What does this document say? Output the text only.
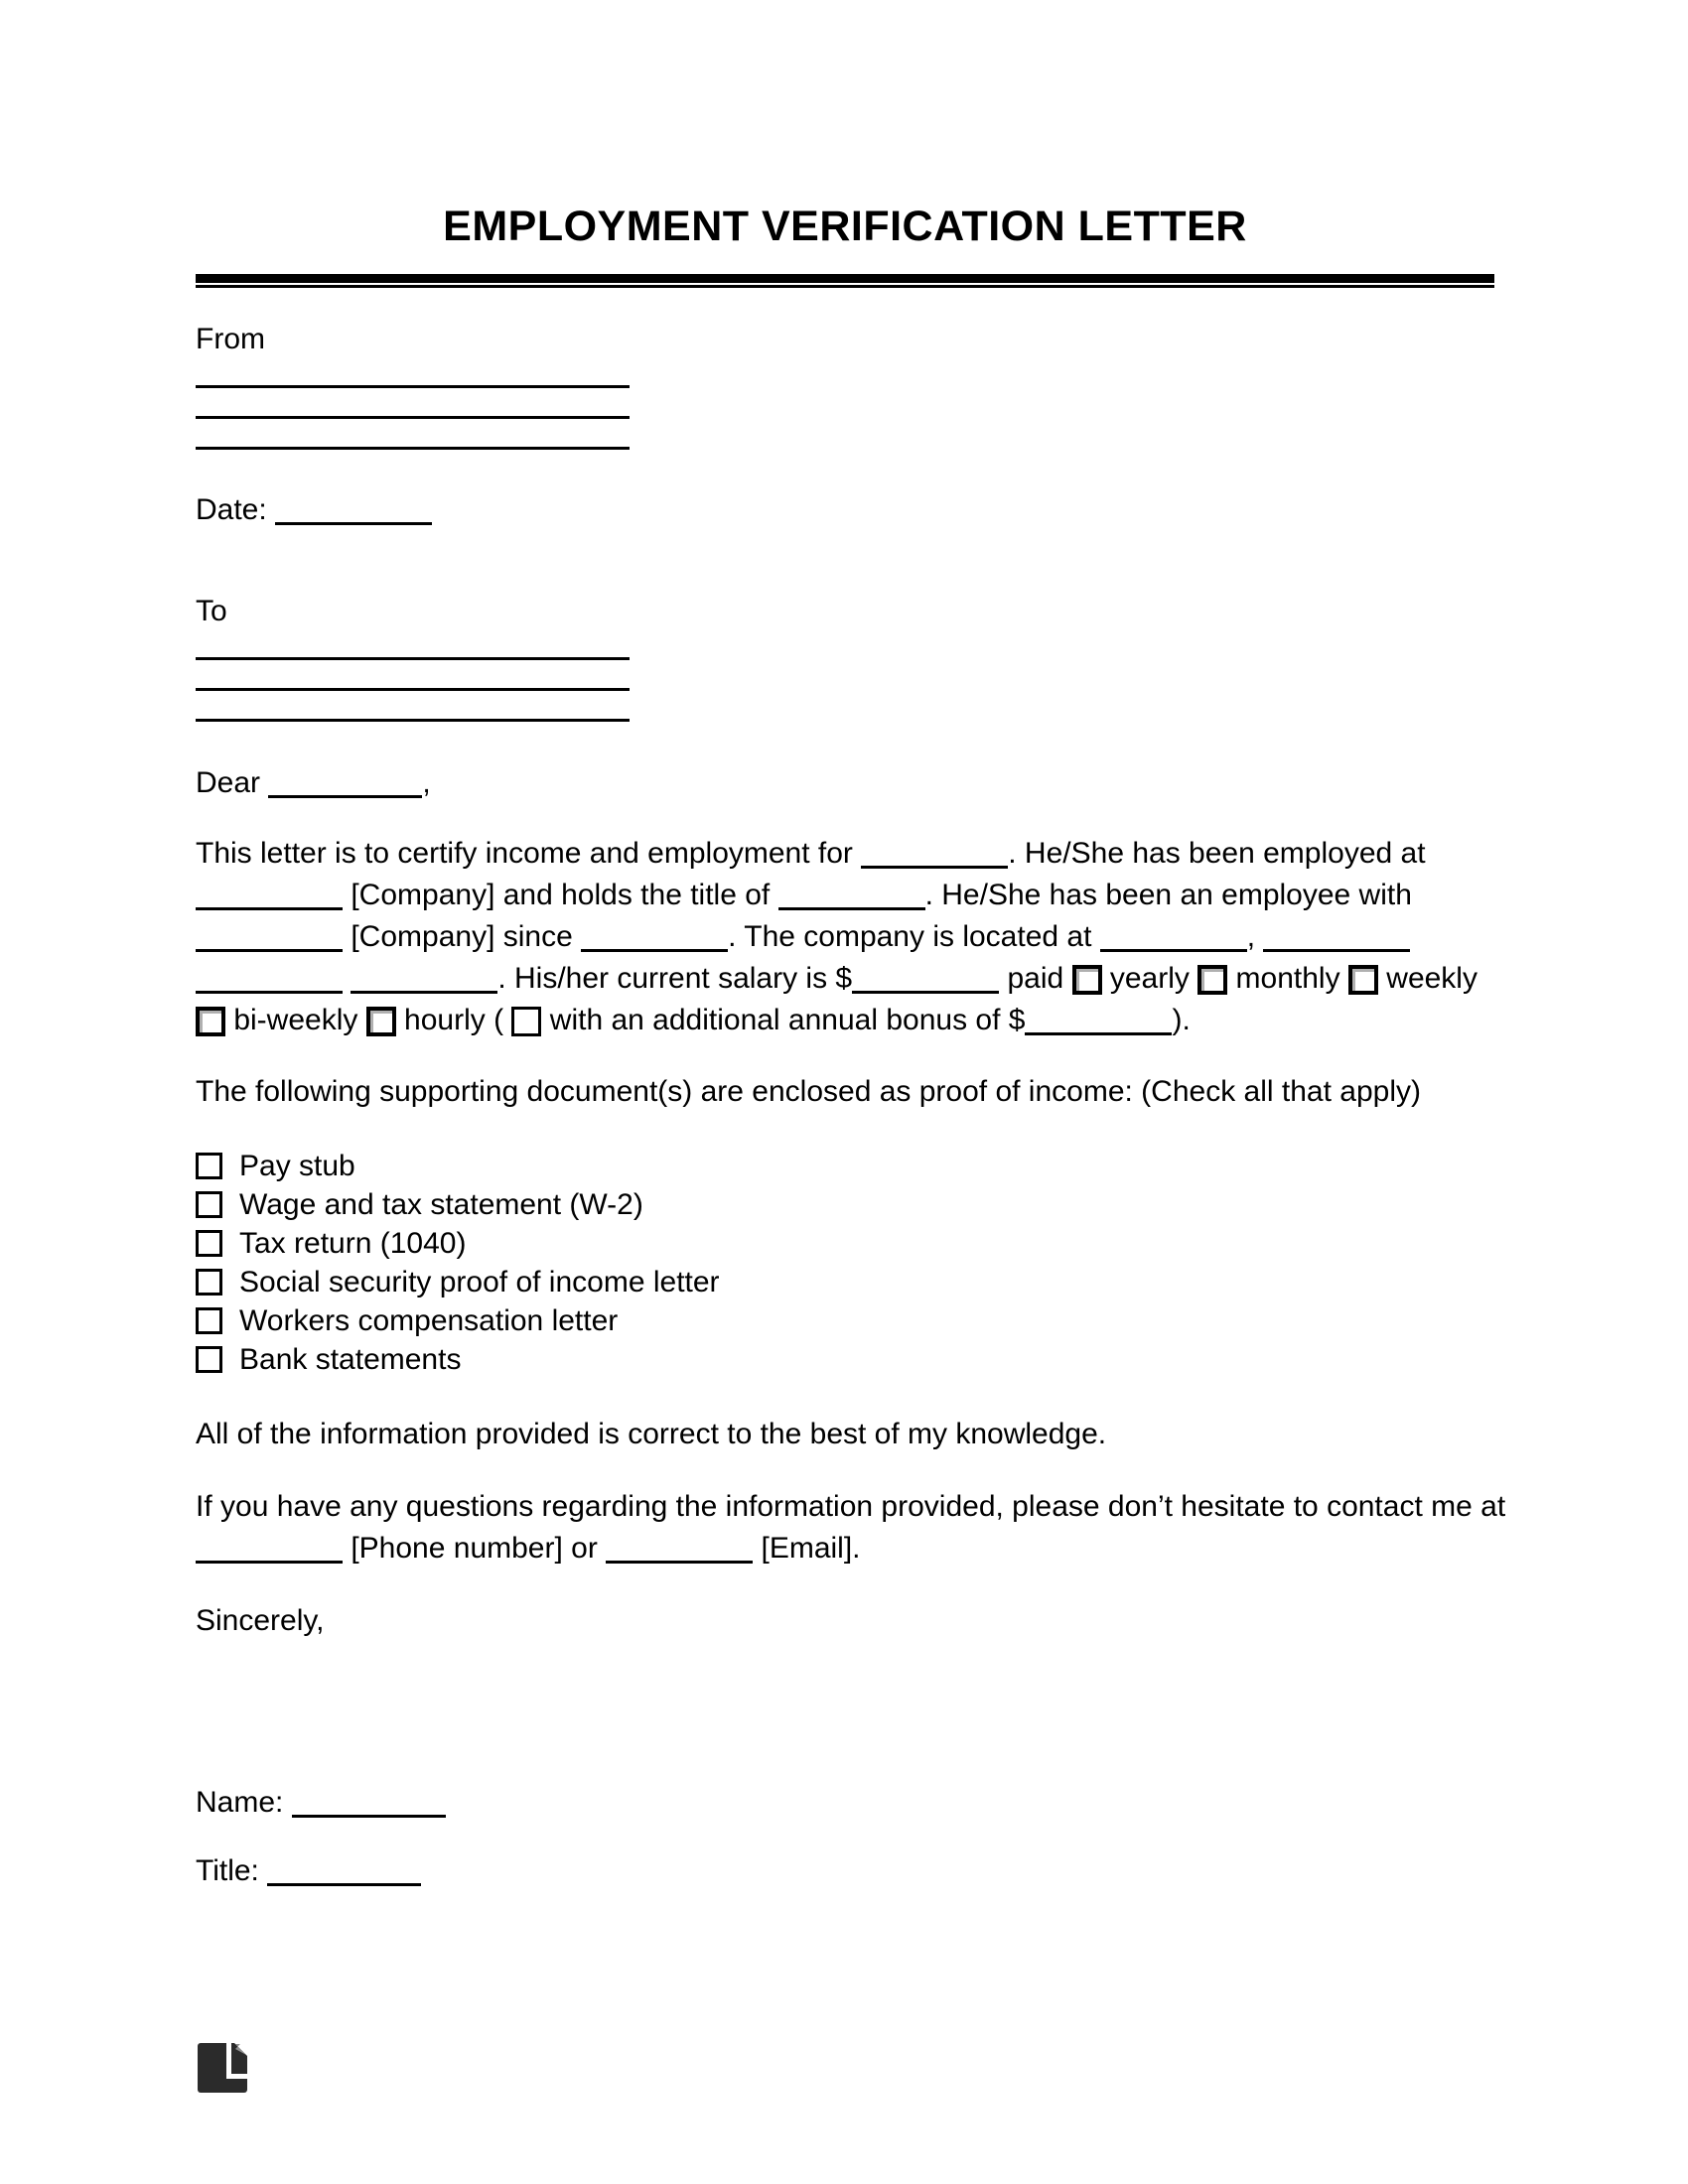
EMPLOYMENT VERIFICATION LETTER
From
Date:
To
Dear	,
This letter is to certify income and employment for	. He/She has been employed at
[Company] and holds the title of	. He/She has been an employee with
[Company] since	. The company is located at	,
. His/her current salary is $	paid  yearly  monthly  weekly
bi-weekly  hourly (  with an additional annual bonus of $	).
The following supporting document(s) are enclosed as proof of income: (Check all that apply)
Pay stub
Wage and tax statement (W-2)
Tax return (1040)
Social security proof of income letter
Workers compensation letter
Bank statements
All of the information provided is correct to the best of my knowledge.
If you have any questions regarding the information provided, please don’t hesitate to contact me at
[Phone number] or	[Email].
Sincerely,
Name:
Title:
